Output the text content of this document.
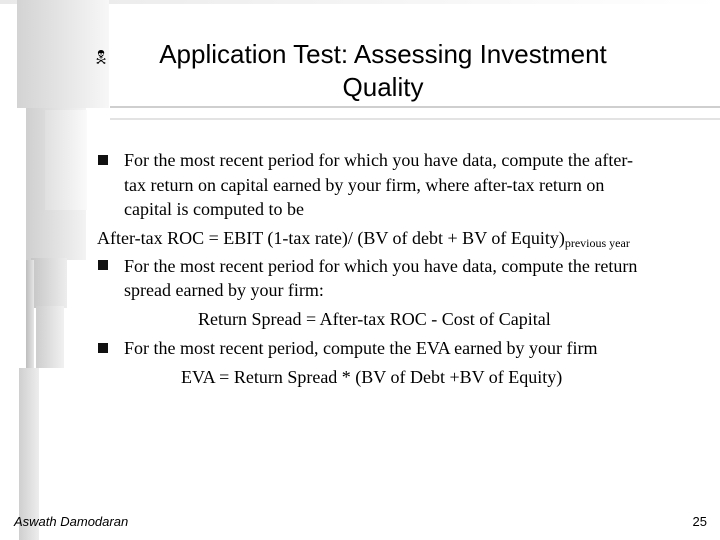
🕱	Application Test: Assessing Investment
Quality
For the most recent period for which you have data, compute the after-
tax return on capital earned by your firm, where after-tax return on
capital is computed to be
After-tax ROC = EBIT (1-tax rate)/ (BV of debt + BV of $Equity)_{previous year}$
For the most recent period for which you have data, compute the return
spread earned by your firm:
Return Spread = After-tax ROC - Cost of Capital
For the most recent period, compute the EVA earned by your firm
EVA = Return Spread * (BV of Debt +BV of Equity)
Aswath Damodaran	25
